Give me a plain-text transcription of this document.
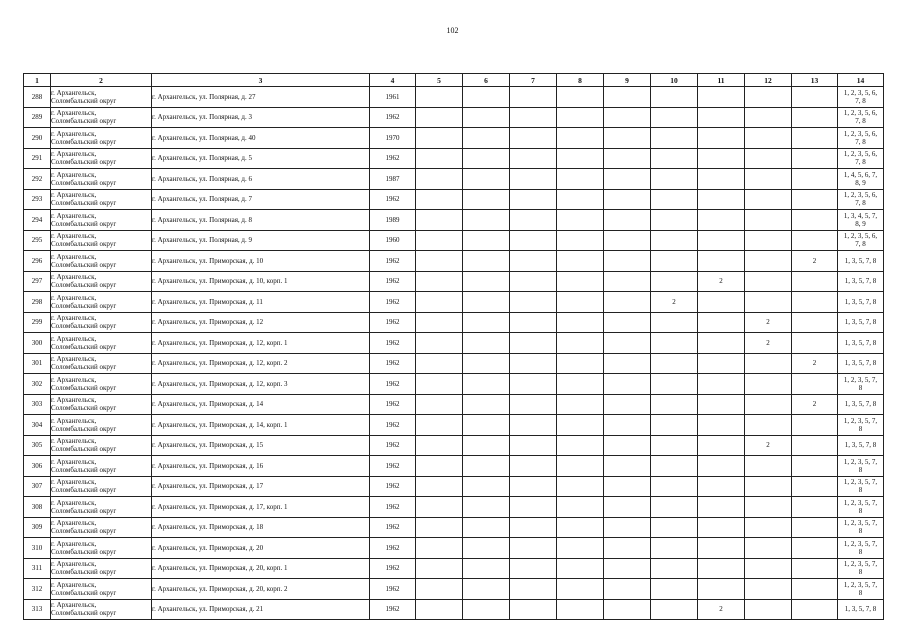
102
1	2	3	4	5	6	7	8	9	10	11	12	13	14
288	г. Архангельск,
Соломбальский округ	г. Архангельск, ул. Полярная, д. 27	1961										1, 2, 3, 5, 6,
7, 8

289	г. Архангельск,
Соломбальский округ	г. Архангельск, ул. Полярная, д. 3	1962										1, 2, 3, 5, 6,
7, 8

290	г. Архангельск,
Соломбальский округ	г. Архангельск, ул. Полярная, д. 40	1970										1, 2, 3, 5, 6,
7, 8

291	г. Архангельск,
Соломбальский округ	г. Архангельск, ул. Полярная, д. 5	1962										1, 2, 3, 5, 6,
7, 8

292	г. Архангельск,
Соломбальский округ	г. Архангельск, ул. Полярная, д. 6	1987										1, 4, 5, 6, 7,
8, 9

293	г. Архангельск,
Соломбальский округ	г. Архангельск, ул. Полярная, д. 7	1962										1, 2, 3, 5, 6,
7, 8

294	г. Архангельск,
Соломбальский округ	г. Архангельск, ул. Полярная, д. 8	1989										1, 3, 4, 5, 7,
8, 9

295	г. Архангельск,
Соломбальский округ	г. Архангельск, ул. Полярная, д. 9	1960										1, 2, 3, 5, 6,
7, 8

296	г. Архангельск,
Соломбальский округ	г. Архангельск, ул. Приморская, д. 10	1962									2	1, 3, 5, 7, 8

297	г. Архангельск,
Соломбальский округ	г. Архангельск, ул. Приморская, д. 10, корп. 1	1962							2			1, 3, 5, 7, 8

298	г. Архангельск,
Соломбальский округ	г. Архангельск, ул. Приморская, д. 11	1962						2				1, 3, 5, 7, 8

299	г. Архангельск,
Соломбальский округ	г. Архангельск, ул. Приморская, д. 12	1962								2		1, 3, 5, 7, 8

300	г. Архангельск,
Соломбальский округ	г. Архангельск, ул. Приморская, д. 12, корп. 1	1962								2		1, 3, 5, 7, 8

301	г. Архангельск,
Соломбальский округ	г. Архангельск, ул. Приморская, д. 12, корп. 2	1962									2	1, 3, 5, 7, 8

302	г. Архангельск,
Соломбальский округ	г. Архангельск, ул. Приморская, д. 12, корп. 3	1962										1, 2, 3, 5, 7,
8

303	г. Архангельск,
Соломбальский округ	г. Архангельск, ул. Приморская, д. 14	1962									2	1, 3, 5, 7, 8

304	г. Архангельск,
Соломбальский округ	г. Архангельск, ул. Приморская, д. 14, корп. 1	1962										1, 2, 3, 5, 7,
8

305	г. Архангельск,
Соломбальский округ	г. Архангельск, ул. Приморская, д. 15	1962								2		1, 3, 5, 7, 8

306	г. Архангельск,
Соломбальский округ	г. Архангельск, ул. Приморская, д. 16	1962										1, 2, 3, 5, 7,
8

307	г. Архангельск,
Соломбальский округ	г. Архангельск, ул. Приморская, д. 17	1962										1, 2, 3, 5, 7,
8

308	г. Архангельск,
Соломбальский округ	г. Архангельск, ул. Приморская, д. 17, корп. 1	1962										1, 2, 3, 5, 7,
8

309	г. Архангельск,
Соломбальский округ	г. Архангельск, ул. Приморская, д. 18	1962										1, 2, 3, 5, 7,
8

310	г. Архангельск,
Соломбальский округ	г. Архангельск, ул. Приморская, д. 20	1962										1, 2, 3, 5, 7,
8

311	г. Архангельск,
Соломбальский округ	г. Архангельск, ул. Приморская, д. 20, корп. 1	1962										1, 2, 3, 5, 7,
8

312	г. Архангельск,
Соломбальский округ	г. Архангельск, ул. Приморская, д. 20, корп. 2	1962										1, 2, 3, 5, 7,
8

313	г. Архангельск,
Соломбальский округ	г. Архангельск, ул. Приморская, д. 21	1962							2			1, 3, 5, 7, 8
